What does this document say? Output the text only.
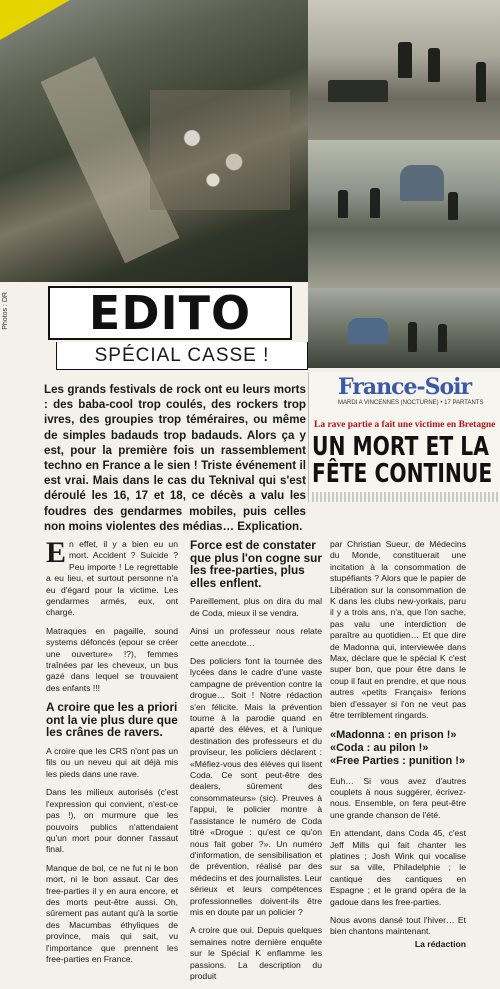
Photos : DR	EDITO
SPÉCIAL CASSE !
Les grands festivals de rock ont eu leurs morts : des baba-cool trop coulés, des rockers trop ivres, des groupies trop téméraires, ou même de simples badauds trop badauds. Alors ça y est, pour la première fois un rassemblement techno en France a le sien ! Triste événement il est vrai. Mais dans le cas du Teknival qui s'est déroulé les 16, 17 et 18, ce décès a valu les foudres des gendarmes mobiles, puis celles non moins violentes des médias… Explication.
France-Soir
MARDI A VINCENNES (NOCTURNE) • 17 PARTANTS
La rave partie a fait une victime en Bretagne
UN MORT ET LA
FÊTE CONTINUE

En effet, il y a bien eu un mort. Accident ? Suicide ? Peu importe ! Le regrettable a eu lieu, et surtout personne n'a eu d'égard pour la victime. Les gendarmes armés, eux, ont chargé.

Matraques en pagaille, sound systems défoncés (epour se créer une ouverture» !?), femmes traînées par les cheveux, un bus gazé dans lequel se trouvaient des enfants !!!

A croire que les a priori ont la vie plus dure que les crânes de ravers.

A croire que les CRS n'ont pas un fils ou un neveu qui ait déjà mis les pieds dans une rave.

Dans les milieux autorisés (c'est l'expression qui convient, n'est-ce pas !), on murmure que les pouvoirs publics n'attendaient qu'un mort pour donner l'assaut final.

Manque de bol, ce ne fut ni le bon mort, ni le bon assaut. Car des free-parties il y en aura encore, et des morts peut-être aussi. Oh, sûrement pas autant qu'à la sortie des Macumbas éthyliques de province, mais qui sait, vu l'importance que prennent les free-parties en France.

Force est de constater que plus l'on cogne sur les free-parties, plus elles enflent.

Pareillement, plus on dira du mal de Coda, mieux il se vendra.

Ainsi un professeur nous relate cette anecdote…

Des policiers font la tournée des lycées dans le cadre d'une vaste campagne de prévention contre la drogue… Soit ! Notre rédaction s'en félicite. Mais la prévention tourne à la parodie quand en aparté des élèves, et à l'unique destination des professeurs et du proviseur, les policiers déclarent : «Méfiez-vous des élèves qui lisent Coda. Ce sont peut-être des dealers, sûrement des consommateurs» (sic). Preuves à l'appui, le policier montre à l'assistance le numéro de Coda titré «Drogue : qu'est ce qu'on nous fait gober ?». Un numéro d'information, de sensibilisation et de prévention, réalisé par des médecins et des journalistes. Leur sérieux et leurs compétences professionnelles doivent-ils être mis en doute par un policier ?

A croire que oui. Depuis quelques semaines notre dernière enquête sur le Spécial K enflamme les passions. La description du produit

par Christian Sueur, de Médecins du Monde, constituerait une incitation à la consommation de stupéfiants ? Alors que le papier de Libération sur la consommation de K dans les clubs new-yorkais, paru il y a trois ans, n'a, que l'on sache, pas valu une interdiction de paraître au quotidien… Et que dire de Madonna qui, interviewée dans Max, déclare que le spécial K c'est super bon, que pour être dans le coup il faut en prendre, et que nous autres «petits Français» ferions bien d'essayer si l'on ne veut pas être terriblement ringards.

«Madonna : en prison !»
«Coda : au pilon !»
«Free Parties : punition !»

Euh… Si vous avez d'autres couplets à nous suggérer, écrivez-nous. Ensemble, on fera peut-être une grande chanson de l'été.

En attendant, dans Coda 45, c'est Jeff Mills qui fait chanter les platines ; Josh Wink qui vocalise sur sa ville, Philadelphie ; le cantique des cantiques en Espagne ; et le grand opéra de la gadoue dans les free-parties.

Nous avons dansé tout l'hiver… Et bien chantons maintenant.

La rédaction
